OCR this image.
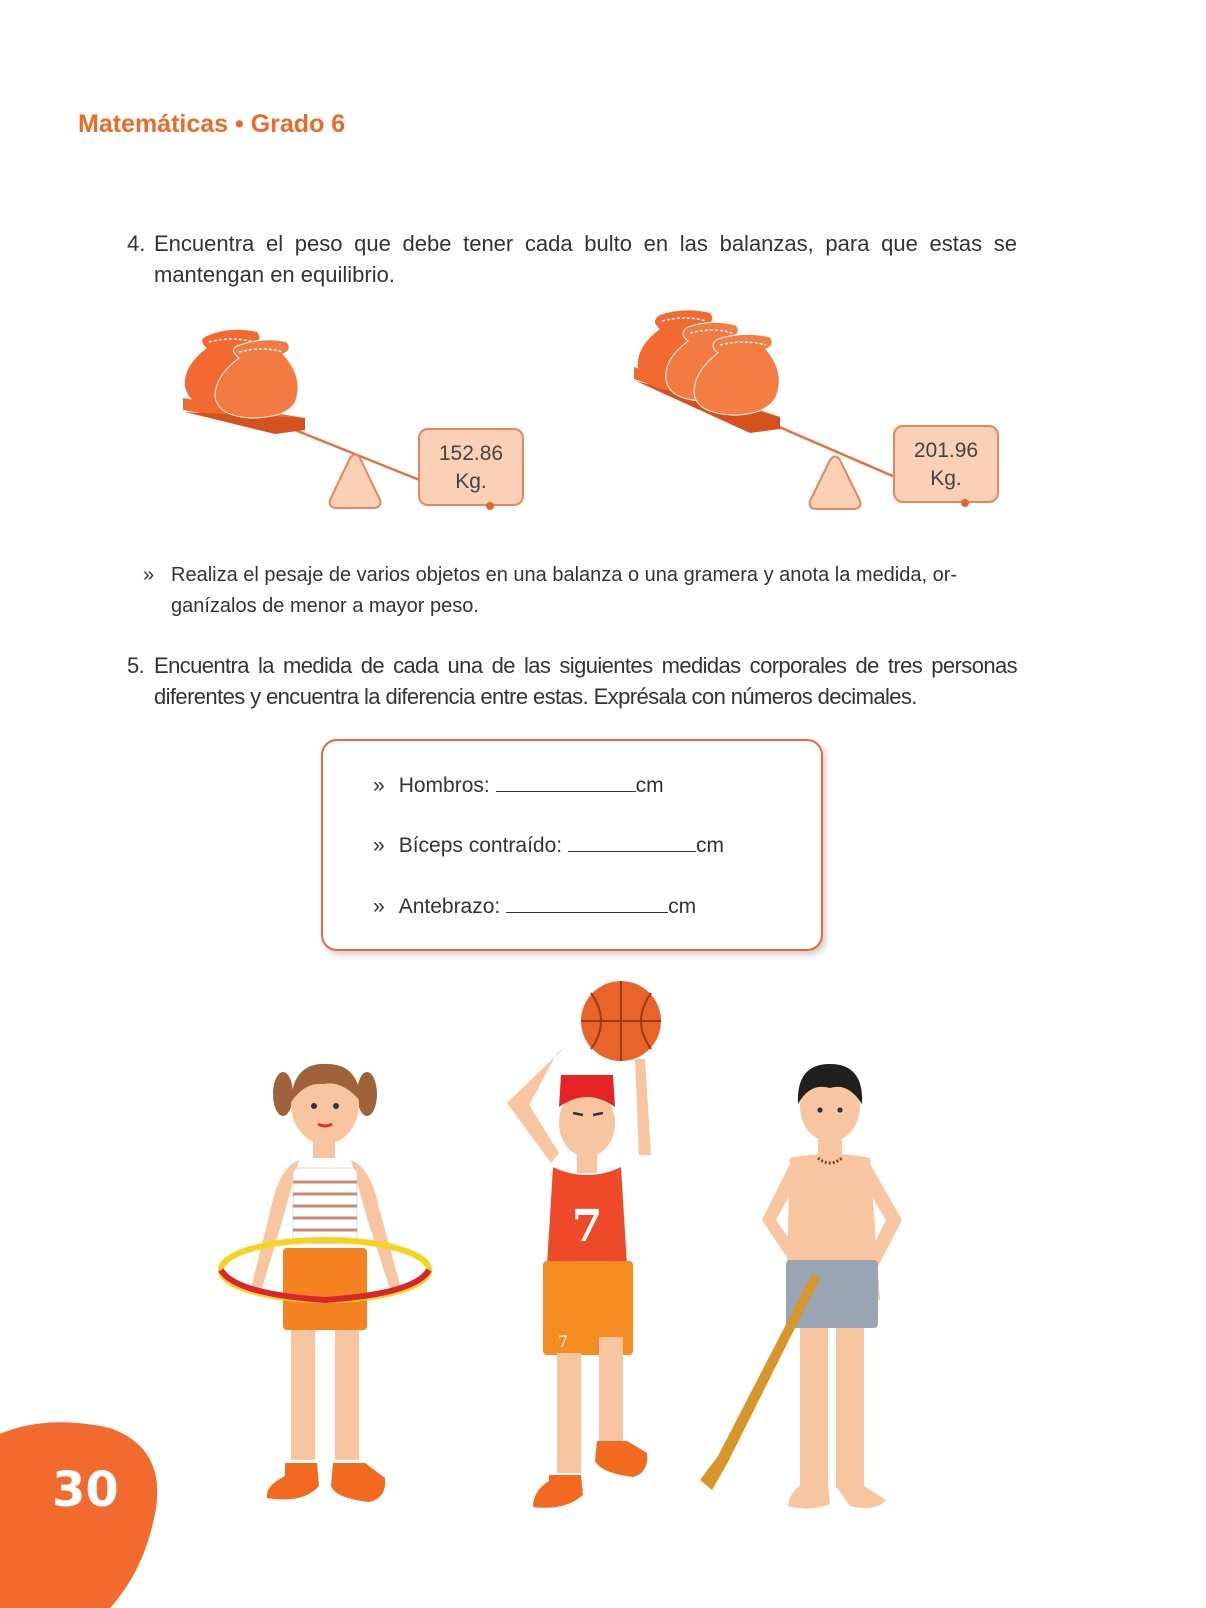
Matemáticas • Grado 6
4. Encuentra el peso que debe tener cada bulto en las balanzas, para que estas se mantengan en equilibrio.
152.86
Kg.
201.96
Kg.
» Realiza el pesaje de varios objetos en una balanza o una gramera y anota la medida, or-ganízalos de menor a mayor peso.
5. Encuentra la medida de cada una de las siguientes medidas corporales de tres personas diferentes y encuentra la diferencia entre estas. Exprésala con números decimales.
» Hombros:	cm
» Bíceps contraído:	cm
» Antebrazo:	cm
7
7
30
